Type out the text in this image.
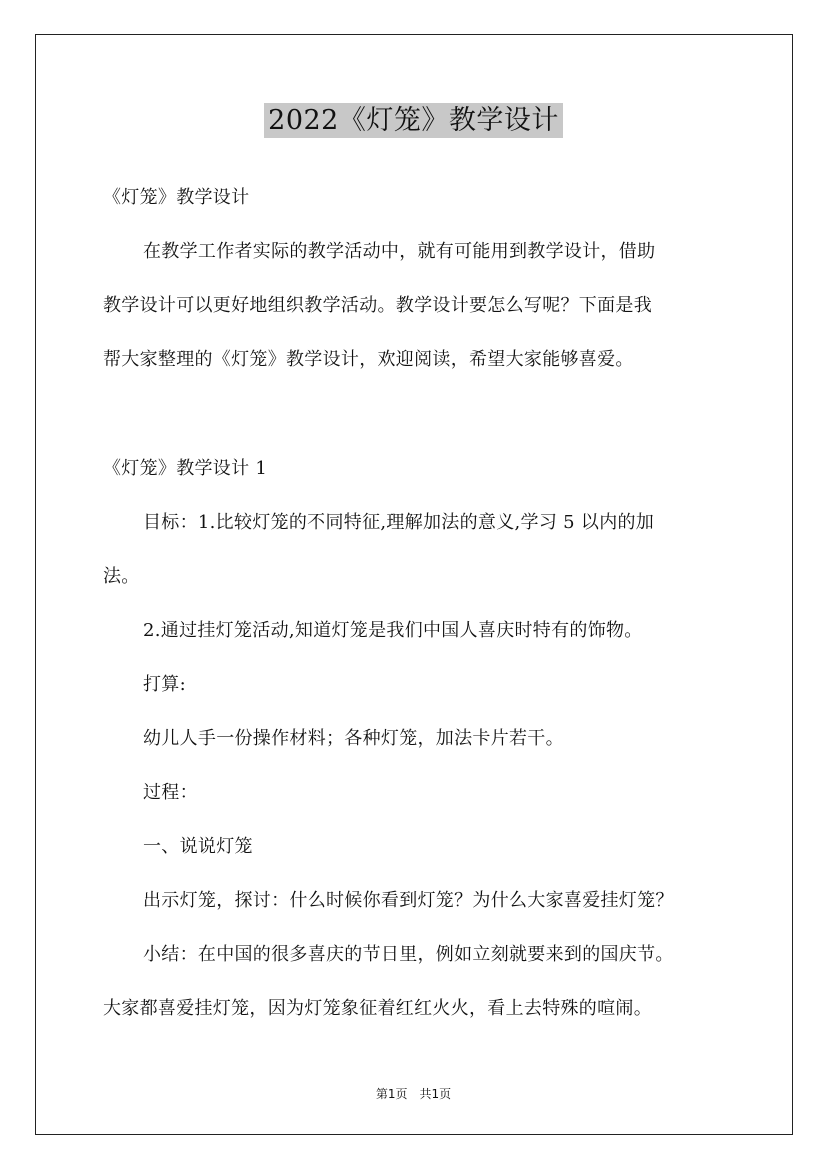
2022《灯笼》教学设计
《灯笼》教学设计
在教学工作者实际的教学活动中，就有可能用到教学设计，借助
教学设计可以更好地组织教学活动。教学设计要怎么写呢？下面是我
帮大家整理的《灯笼》教学设计，欢迎阅读，希望大家能够喜爱。
《灯笼》教学设计 1
目标：1.比较灯笼的不同特征,理解加法的意义,学习 5 以内的加
法。
2.通过挂灯笼活动,知道灯笼是我们中国人喜庆时特有的饰物。
打算:
幼儿人手一份操作材料；各种灯笼，加法卡片若干。
过程：
一、说说灯笼
出示灯笼，探讨：什么时候你看到灯笼？为什么大家喜爱挂灯笼？
小结：在中国的很多喜庆的节日里，例如立刻就要来到的国庆节。
大家都喜爱挂灯笼，因为灯笼象征着红红火火，看上去特殊的喧闹。
第1页　共1页
